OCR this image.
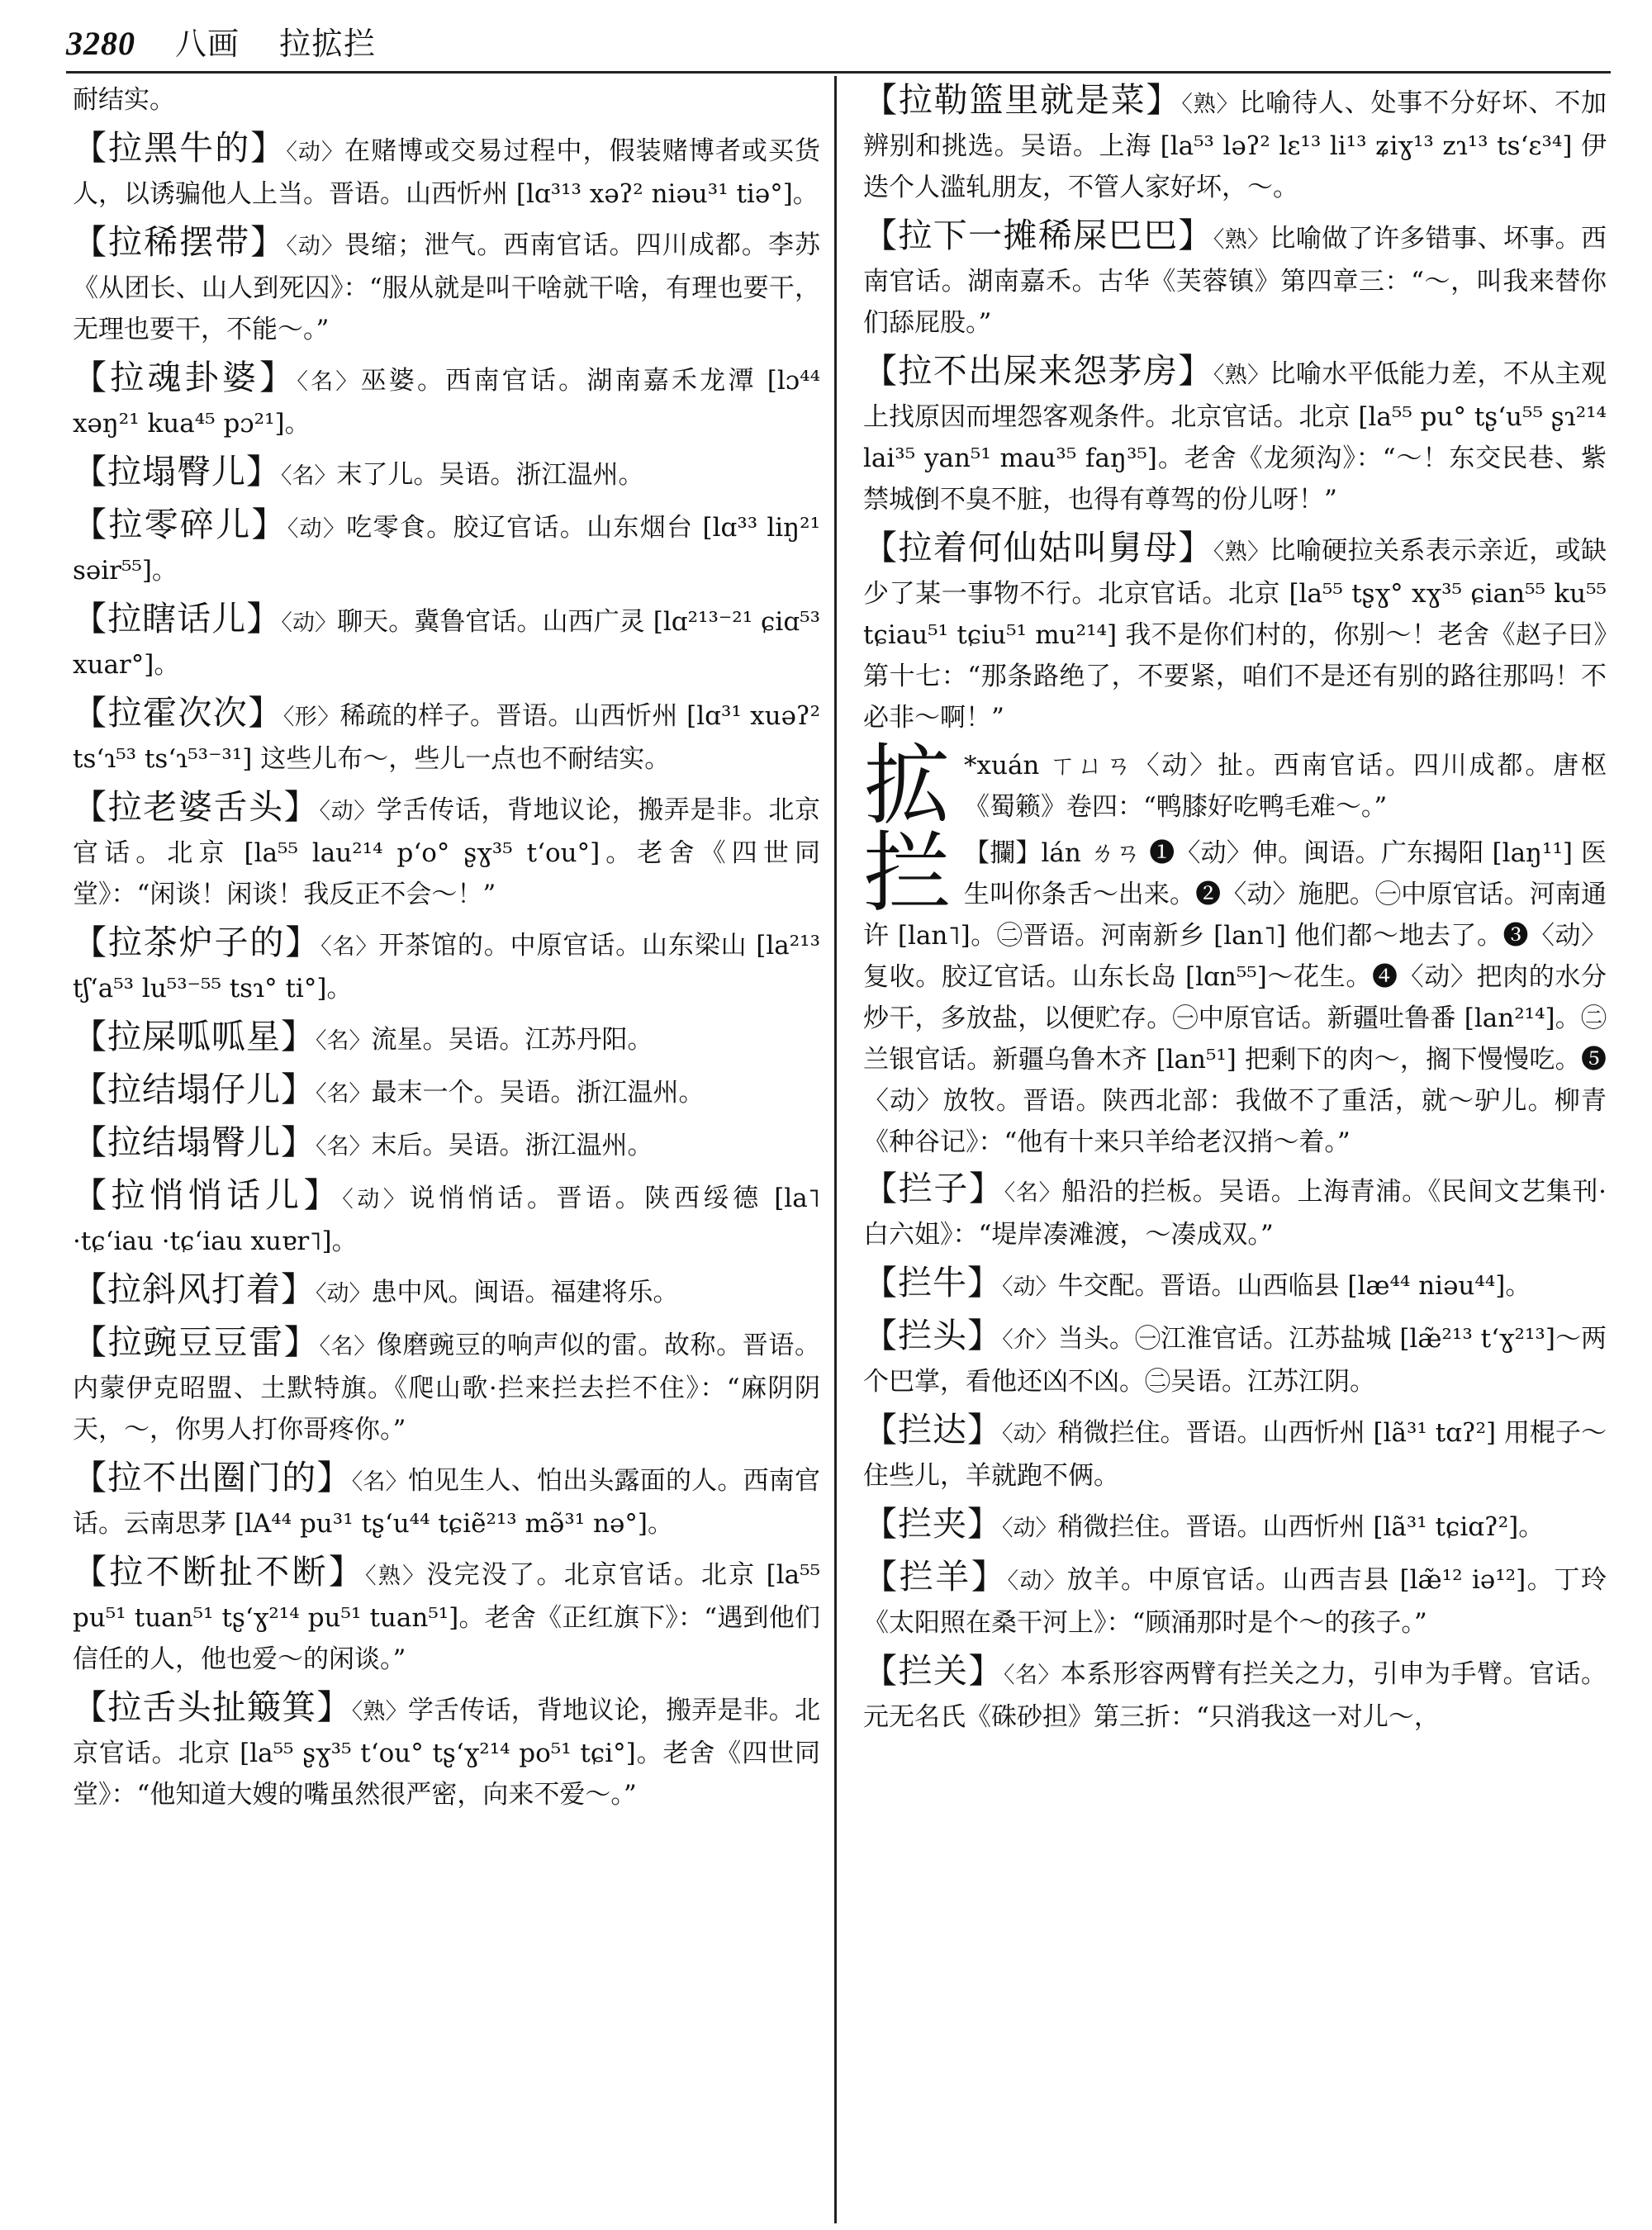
3280 八画 拉拡拦
耐结实。
【拉黑牛的】〈动〉在赌博或交易过程中，假装赌博者或买货人，以诱骗他人上当。晋语。山西忻州 [lɑ³¹³ xəʔ² niəu³¹ tiə°]。
【拉稀摆带】〈动〉畏缩；泄气。西南官话。四川成都。李苏《从团长、山人到死囚》：“服从就是叫干啥就干啥，有理也要干，无理也要干，不能～。”
【拉魂卦婆】〈名〉巫婆。西南官话。湖南嘉禾龙潭 [lɔ⁴⁴ xəŋ²¹ kua⁴⁵ pɔ²¹]。
【拉塌臀儿】〈名〉末了儿。吴语。浙江温州。
【拉零碎儿】〈动〉吃零食。胶辽官话。山东烟台 [lɑ³³ liŋ²¹ səir⁵⁵]。
【拉瞎话儿】〈动〉聊天。冀鲁官话。山西广灵 [lɑ²¹³⁻²¹ ɕiɑ⁵³ xuar°]。
【拉霍次次】〈形〉稀疏的样子。晋语。山西忻州 [lɑ³¹ xuəʔ² ts‘ɿ⁵³ ts‘ɿ⁵³⁻³¹] 这些儿布～，些儿一点也不耐结实。
【拉老婆舌头】〈动〉学舌传话，背地议论，搬弄是非。北京官话。北京 [la⁵⁵ lau²¹⁴ p‘o° ʂɣ³⁵ t‘ou°]。老舍《四世同堂》：“闲谈！闲谈！我反正不会～！”
【拉茶炉子的】〈名〉开茶馆的。中原官话。山东梁山 [la²¹³ tʃ‘a⁵³ lu⁵³⁻⁵⁵ tsɿ° ti°]。
【拉屎呱呱星】〈名〉流星。吴语。江苏丹阳。
【拉结塌仔儿】〈名〉最末一个。吴语。浙江温州。
【拉结塌臀儿】〈名〉末后。吴语。浙江温州。
【拉悄悄话儿】〈动〉说悄悄话。晋语。陕西绥德 [la˥ ·tɕ‘iau ·tɕ‘iau xuɐr˥]。
【拉斜风打着】〈动〉患中风。闽语。福建将乐。
【拉豌豆豆雷】〈名〉像磨豌豆的响声似的雷。故称。晋语。内蒙伊克昭盟、土默特旗。《爬山歌·拦来拦去拦不住》：“麻阴阴天，～，你男人打你哥疼你。”
【拉不出圈门的】〈名〉怕见生人、怕出头露面的人。西南官话。云南思茅 [lA⁴⁴ pu³¹ tʂ‘u⁴⁴ tɕiẽ²¹³ mə̃³¹ nə°]。
【拉不断扯不断】〈熟〉没完没了。北京官话。北京 [la⁵⁵ pu⁵¹ tuan⁵¹ tʂ‘ɣ²¹⁴ pu⁵¹ tuan⁵¹]。老舍《正红旗下》：“遇到他们信任的人，他也爱～的闲谈。”
【拉舌头扯簸箕】〈熟〉学舌传话，背地议论，搬弄是非。北京官话。北京 [la⁵⁵ ʂɣ³⁵ t‘ou° tʂ‘ɣ²¹⁴ po⁵¹ tɕi°]。老舍《四世同堂》：“他知道大嫂的嘴虽然很严密，向来不爱～。”
【拉勒篮里就是菜】〈熟〉比喻待人、处事不分好坏、不加辨别和挑选。吴语。上海 [la⁵³ ləʔ² lɛ¹³ li¹³ ʑiɣ¹³ zɿ¹³ ts‘ɛ³⁴] 伊迭个人滥轧朋友，不管人家好坏，～。
【拉下一摊稀屎巴巴】〈熟〉比喻做了许多错事、坏事。西南官话。湖南嘉禾。古华《芙蓉镇》第四章三：“～，叫我来替你们舔屁股。”
【拉不出屎来怨茅房】〈熟〉比喻水平低能力差，不从主观上找原因而埋怨客观条件。北京官话。北京 [la⁵⁵ pu° tʂ‘u⁵⁵ ʂɿ²¹⁴ lai³⁵ yan⁵¹ mau³⁵ faŋ³⁵]。老舍《龙须沟》：“～！东交民巷、紫禁城倒不臭不脏，也得有尊驾的份儿呀！”
【拉着何仙姑叫舅母】〈熟〉比喻硬拉关系表示亲近，或缺少了某一事物不行。北京官话。北京 [la⁵⁵ tʂɣ° xɣ³⁵ ɕian⁵⁵ ku⁵⁵ tɕiau⁵¹ tɕiu⁵¹ mu²¹⁴] 我不是你们村的，你别～！老舍《赵子曰》第十七：“那条路绝了，不要紧，咱们不是还有别的路往那吗！不必非～啊！”
拡 *xuán ㄒㄩㄢ〈动〉扯。西南官话。四川成都。唐枢《蜀籁》卷四：“鸭膝好吃鸭毛难～。”
拦 【攔】lán ㄌㄢ ❶〈动〉伸。闽语。广东揭阳 [laŋ¹¹] 医生叫你条舌～出来。❷〈动〉施肥。㊀中原官话。河南通许 [lan˥]。㊁晋语。河南新乡 [lan˥] 他们都～地去了。❸〈动〉复收。胶辽官话。山东长岛 [lɑn⁵⁵]～花生。❹〈动〉把肉的水分炒干，多放盐，以便贮存。㊀中原官话。新疆吐鲁番 [lan²¹⁴]。㊁兰银官话。新疆乌鲁木齐 [lan⁵¹] 把剩下的肉～，搁下慢慢吃。❺〈动〉放牧。晋语。陕西北部：我做不了重活，就～驴儿。柳青《种谷记》：“他有十来只羊给老汉捎～着。”
【拦子】〈名〉船沿的拦板。吴语。上海青浦。《民间文艺集刊·白六姐》：“堤岸凑滩渡，～凑成双。”
【拦牛】〈动〉牛交配。晋语。山西临县 [læ⁴⁴ niəu⁴⁴]。
【拦头】〈介〉当头。㊀江淮官话。江苏盐城 [læ̃²¹³ t‘ɣ²¹³]～两个巴掌，看他还凶不凶。㊁吴语。江苏江阴。
【拦达】〈动〉稍微拦住。晋语。山西忻州 [lã³¹ tɑʔ²] 用棍子～住些儿，羊就跑不俩。
【拦夹】〈动〉稍微拦住。晋语。山西忻州 [lã³¹ tɕiɑʔ²]。
【拦羊】〈动〉放羊。中原官话。山西吉县 [læ̃¹² iə¹²]。丁玲《太阳照在桑干河上》：“顾涌那时是个～的孩子。”
【拦关】〈名〉本系形容两臂有拦关之力，引申为手臂。官话。元无名氏《硃砂担》第三折：“只消我这一对儿～，
